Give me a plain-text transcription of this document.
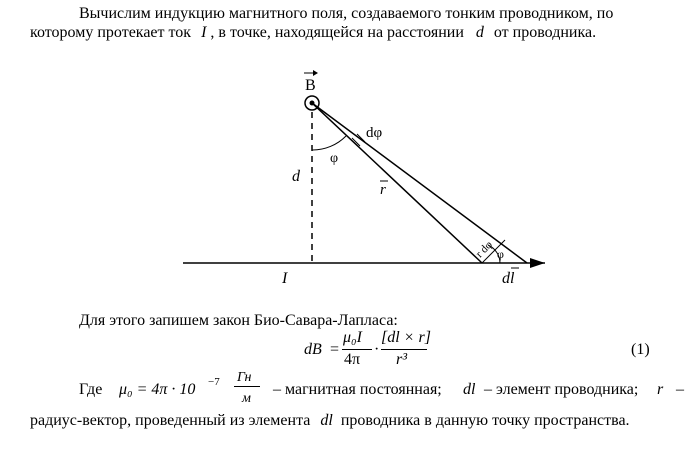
Вычислим индукцию магнитного поля, создаваемого тонким проводником, по
которому протекает ток I , в точке, находящейся на расстоянии d от проводника.
B
dφ
φ
d
r
I	dl
r dφ φ
Для этого запишем закон Био-Савара-Лапласа:
dB =
μ₀I
4π
·
[dl × r]
r³
(1)
Где μ₀ = 4π · 10 −7 Гн
м
– магнитная постоянная; dl – элемент проводника; r –
радиус-вектор, проведенный из элемента dl проводника в данную точку пространства.
